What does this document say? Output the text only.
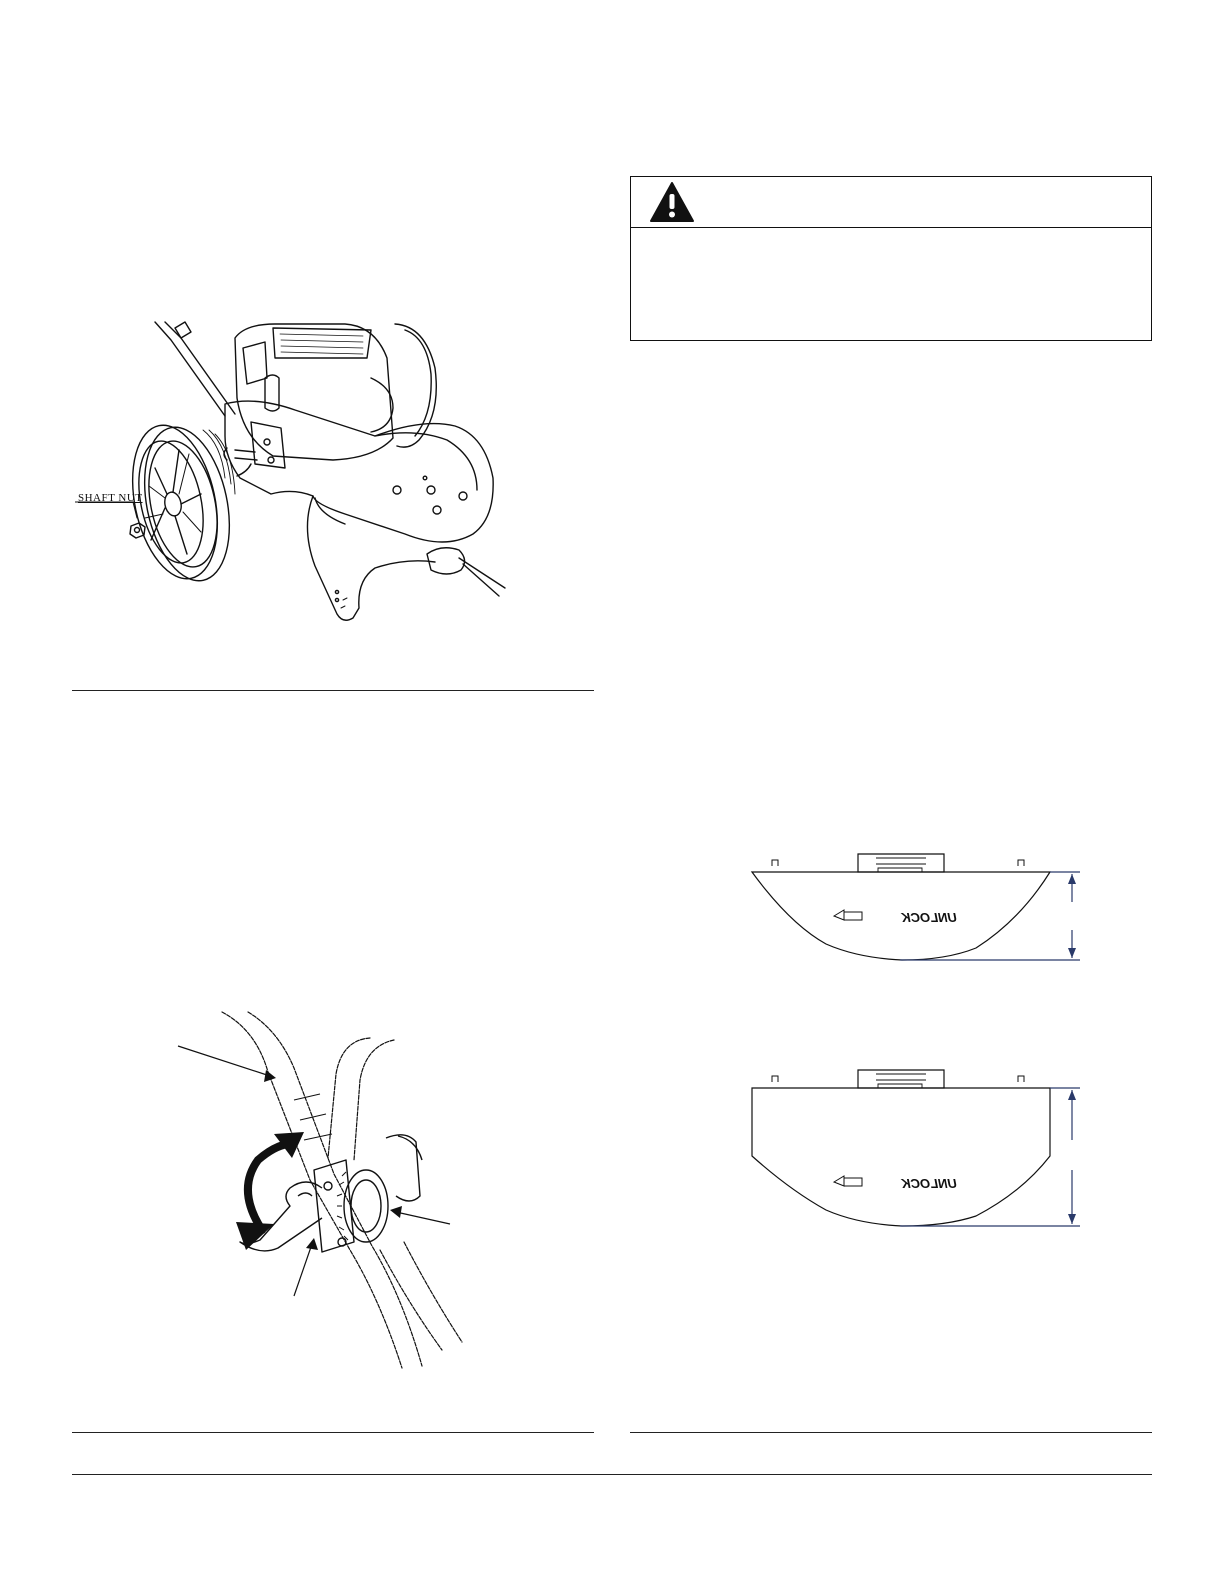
SHAFT NUT
UNLOCK
UNLOCK
